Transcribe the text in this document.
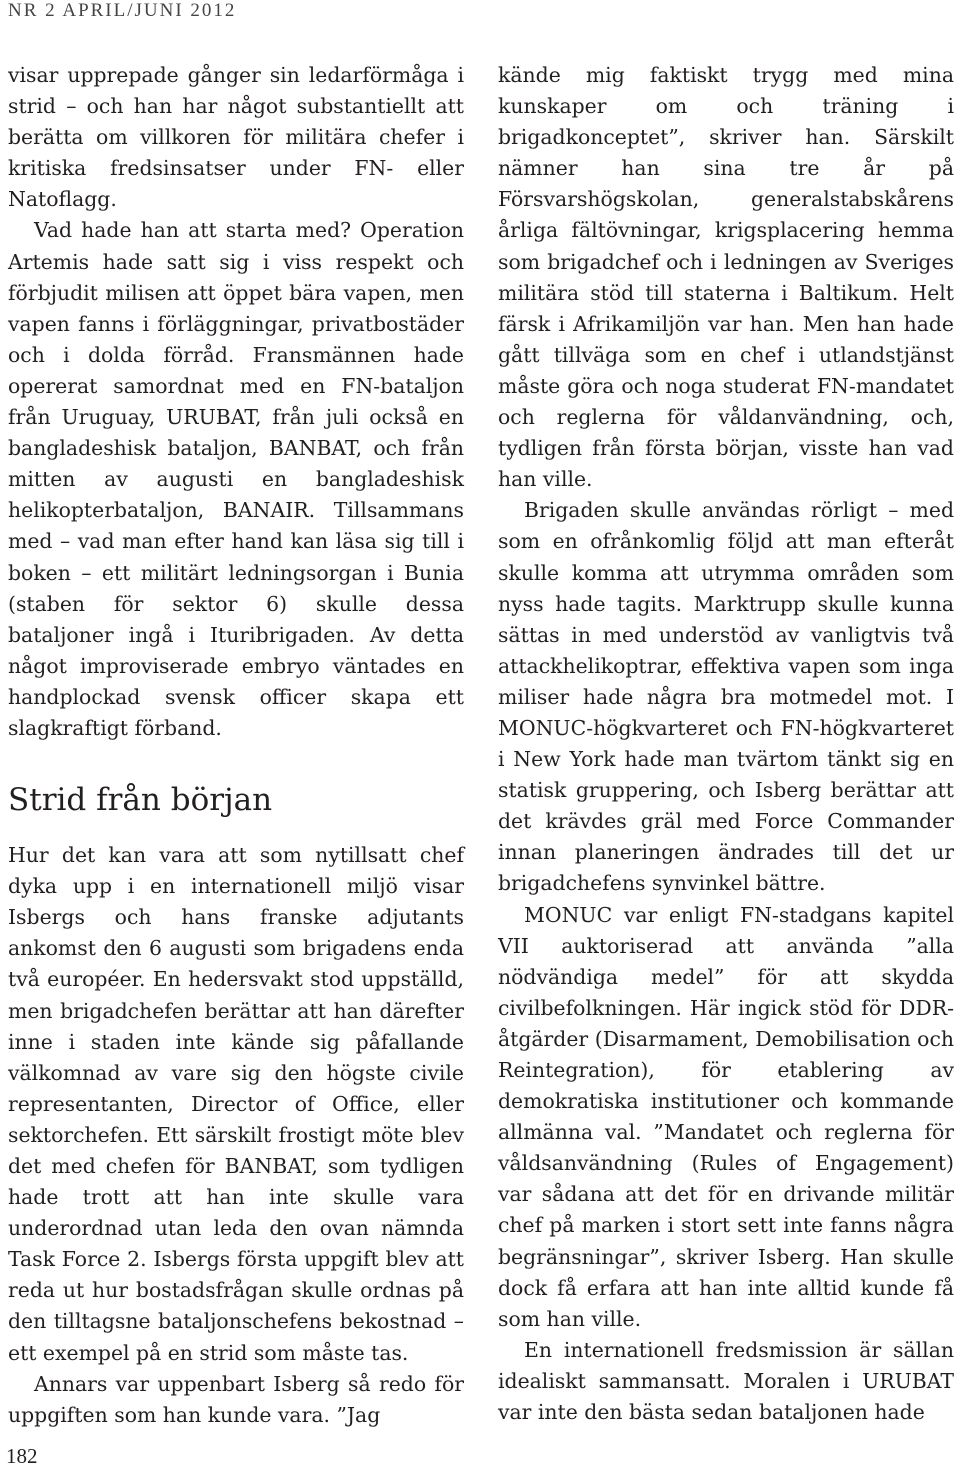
NR 2 APRIL/JUNI 2012

visar upprepade gånger sin ledarförmåga i strid – och han har något substantiellt att berätta om villkoren för militära chefer i kritiska fredsinsatser under FN- eller Natoflagg.

Vad hade han att starta med? Operation Artemis hade satt sig i viss respekt och förbjudit milisen att öppet bära vapen, men vapen fanns i förläggningar, privatbostäder och i dolda förråd. Fransmännen hade opererat samordnat med en FN-bataljon från Uruguay, URUBAT, från juli också en bangladeshisk bataljon, BANBAT, och från mitten av augusti en bangladeshisk helikopterbataljon, BANAIR. Tillsammans med – vad man efter hand kan läsa sig till i boken – ett militärt ledningsorgan i Bunia (staben för sektor 6) skulle dessa bataljoner ingå i Ituribrigaden. Av detta något improviserade embryo väntades en handplockad svensk officer skapa ett slagkraftigt förband.

Strid från början

Hur det kan vara att som nytillsatt chef dyka upp i en internationell miljö visar Isbergs och hans franske adjutants ankomst den 6 augusti som brigadens enda två européer. En hedersvakt stod uppställd, men brigadchefen berättar att han därefter inne i staden inte kände sig påfallande välkomnad av vare sig den högste civile representanten, Director of Office, eller sektorchefen. Ett särskilt frostigt möte blev det med chefen för BANBAT, som tydligen hade trott att han inte skulle vara underordnad utan leda den ovan nämnda Task Force 2. Isbergs första uppgift blev att reda ut hur bostadsfrågan skulle ordnas på den tilltagsne bataljonschefens bekostnad – ett exempel på en strid som måste tas.

Annars var uppenbart Isberg så redo för uppgiften som han kunde vara. ”Jag

kände mig faktiskt trygg med mina kunskaper om och träning i brigadkonceptet”, skriver han. Särskilt nämner han sina tre år på Försvarshögskolan, generalstabskårens årliga fältövningar, krigsplacering hemma som brigadchef och i ledningen av Sveriges militära stöd till staterna i Baltikum. Helt färsk i Afrikamiljön var han. Men han hade gått tillväga som en chef i utlandstjänst måste göra och noga studerat FN-mandatet och reglerna för våldanvändning, och, tydligen från första början, visste han vad han ville.

Brigaden skulle användas rörligt – med som en ofrånkomlig följd att man efteråt skulle komma att utrymma områden som nyss hade tagits. Marktrupp skulle kunna sättas in med understöd av vanligtvis två attackhelikoptrar, effektiva vapen som inga miliser hade några bra motmedel mot. I MONUC-högkvarteret och FN-högkvarteret i New York hade man tvärtom tänkt sig en statisk gruppering, och Isberg berättar att det krävdes gräl med Force Commander innan planeringen ändrades till det ur brigadchefens synvinkel bättre.

MONUC var enligt FN-stadgans kapitel VII auktoriserad att använda ”alla nödvändiga medel” för att skydda civilbefolkningen. Här ingick stöd för DDR-åtgärder (Disarmament, Demobilisation och Reintegration), för etablering av demokratiska institutioner och kommande allmänna val. ”Mandatet och reglerna för våldsanvändning (Rules of Engagement) var sådana att det för en drivande militär chef på marken i stort sett inte fanns några begränsningar”, skriver Isberg. Han skulle dock få erfara att han inte alltid kunde få som han ville.

En internationell fredsmission är sällan idealiskt sammansatt. Moralen i URUBAT var inte den bästa sedan bataljonen hade

182
